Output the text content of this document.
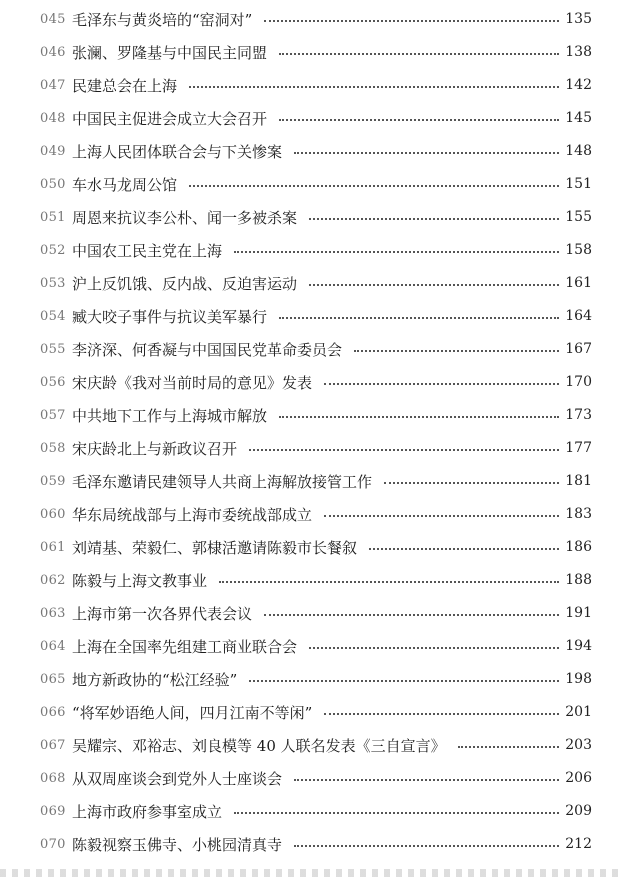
045 毛泽东与黄炎培的“窑洞对”	135
046 张澜、罗隆基与中国民主同盟	138
047 民建总会在上海	142
048 中国民主促进会成立大会召开	145
049 上海人民团体联合会与下关惨案	148
050 车水马龙周公馆	151
051 周恩来抗议李公朴、闻一多被杀案	155
052 中国农工民主党在上海	158
053 沪上反饥饿、反内战、反迫害运动	161
054 臧大咬子事件与抗议美军暴行	164
055 李济深、何香凝与中国国民党革命委员会	167
056 宋庆龄《我对当前时局的意见》发表	170
057 中共地下工作与上海城市解放	173
058 宋庆龄北上与新政议召开	177
059 毛泽东邀请民建领导人共商上海解放接管工作	181
060 华东局统战部与上海市委统战部成立	183
061 刘靖基、荣毅仁、郭棣活邀请陈毅市长餐叙	186
062 陈毅与上海文教事业	188
063 上海市第一次各界代表会议	191
064 上海在全国率先组建工商业联合会	194
065 地方新政协的“松江经验”	198
066 “将军妙语绝人间，四月江南不等闲”	201
067 吴耀宗、邓裕志、刘良模等 40 人联名发表《三自宣言》	203
068 从双周座谈会到党外人士座谈会	206
069 上海市政府参事室成立	209
070 陈毅视察玉佛寺、小桃园清真寺	212
